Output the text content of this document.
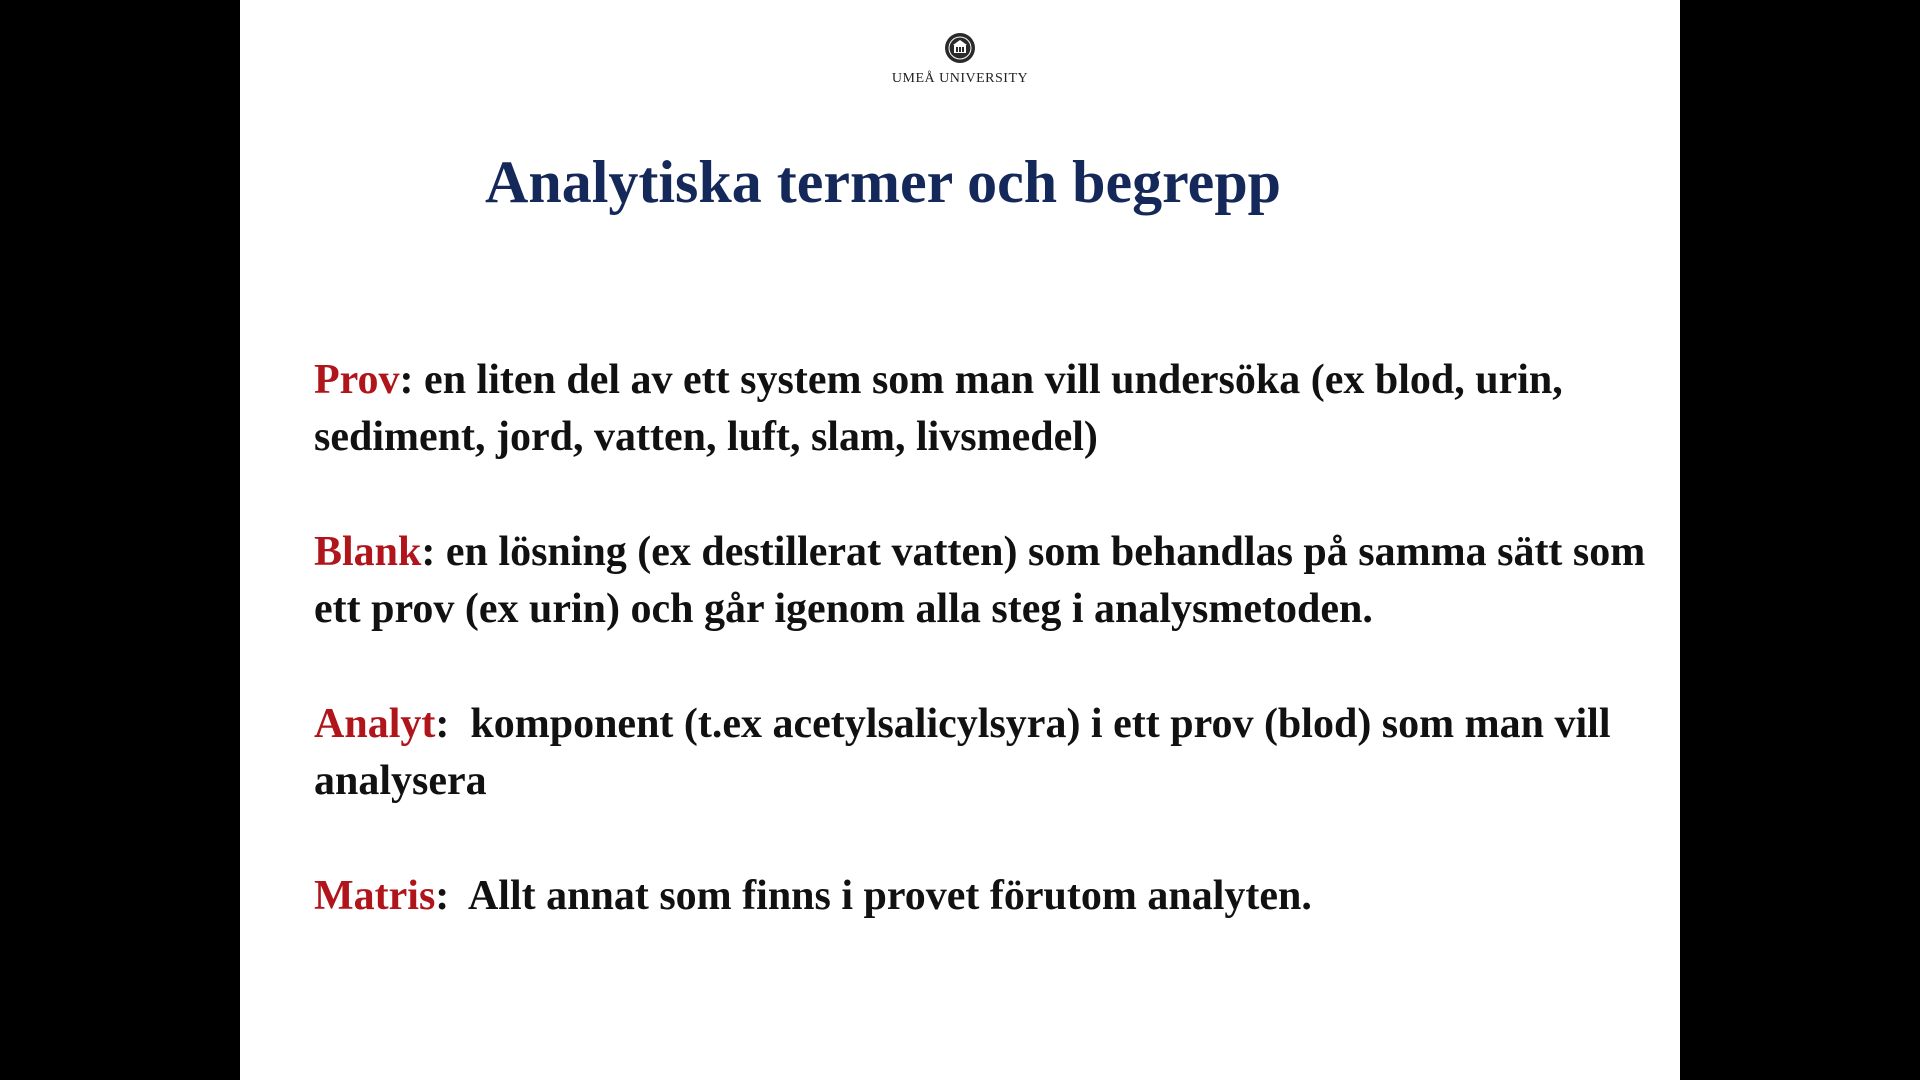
UMEÅ UNIVERSITY
Analytiska termer och begrepp

Prov: en liten del av ett system som man vill undersöka (ex blod, urin, sediment, jord, vatten, luft, slam, livsmedel)

Blank: en lösning (ex destillerat vatten) som behandlas på samma sätt som ett prov (ex urin) och går igenom alla steg i analysmetoden.

Analyt:  komponent (t.ex acetylsalicylsyra) i ett prov (blod) som man vill analysera

Matris:  Allt annat som finns i provet förutom analyten.
